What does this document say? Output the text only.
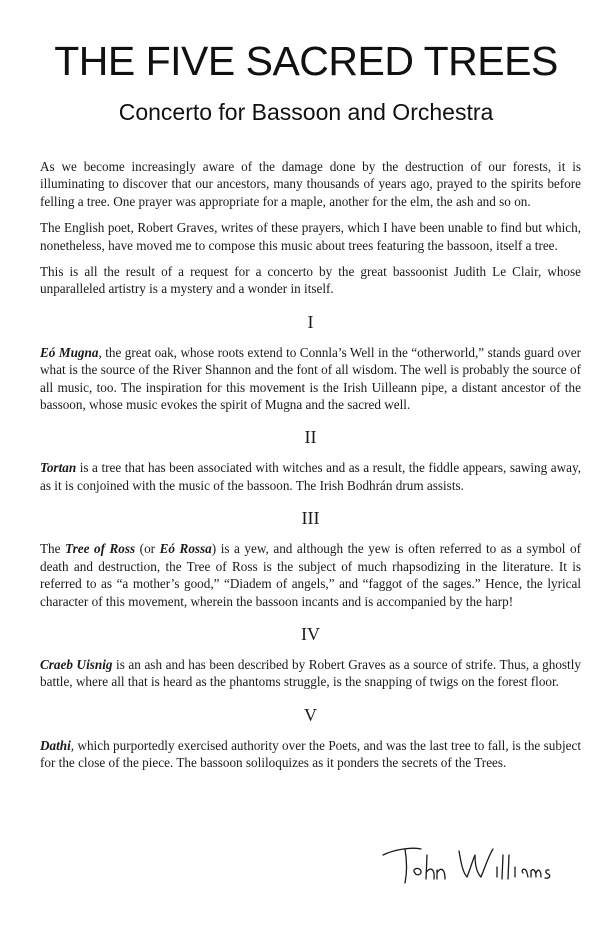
THE FIVE SACRED TREES
Concerto for Bassoon and Orchestra

As we become increasingly aware of the damage done by the destruction of our forests, it is illuminating to discover that our ancestors, many thousands of years ago, prayed to the spirits before felling a tree. One prayer was appropriate for a maple, another for the elm, the ash and so on.

The English poet, Robert Graves, writes of these prayers, which I have been unable to find but which, nonetheless, have moved me to compose this music about trees featuring the bassoon, itself a tree.

This is all the result of a request for a concerto by the great bassoonist Judith Le Clair, whose unparalleled artistry is a mystery and a wonder in itself.

I

Eó Mugna, the great oak, whose roots extend to Connla’s Well in the “otherworld,” stands guard over what is the source of the River Shannon and the font of all wisdom. The well is probably the source of all music, too. The inspiration for this movement is the Irish Uilleann pipe, a distant ancestor of the bassoon, whose music evokes the spirit of Mugna and the sacred well.

II

Tortan is a tree that has been associated with witches and as a result, the fiddle appears, sawing away, as it is conjoined with the music of the bassoon. The Irish Bodhrán drum assists.

III

The Tree of Ross (or Eó Rossa) is a yew, and although the yew is often referred to as a symbol of death and destruction, the Tree of Ross is the subject of much rhapsodizing in the literature. It is referred to as “a mother’s good,” “Diadem of angels,” and “faggot of the sages.” Hence, the lyrical character of this movement, wherein the bassoon incants and is accompanied by the harp!

IV

Craeb Uisnig is an ash and has been described by Robert Graves as a source of strife. Thus, a ghostly battle, where all that is heard as the phantoms struggle, is the snapping of twigs on the forest floor.

V

Dathi, which purportedly exercised authority over the Poets, and was the last tree to fall, is the subject for the close of the piece. The bassoon soliloquizes as it ponders the secrets of the Trees.
